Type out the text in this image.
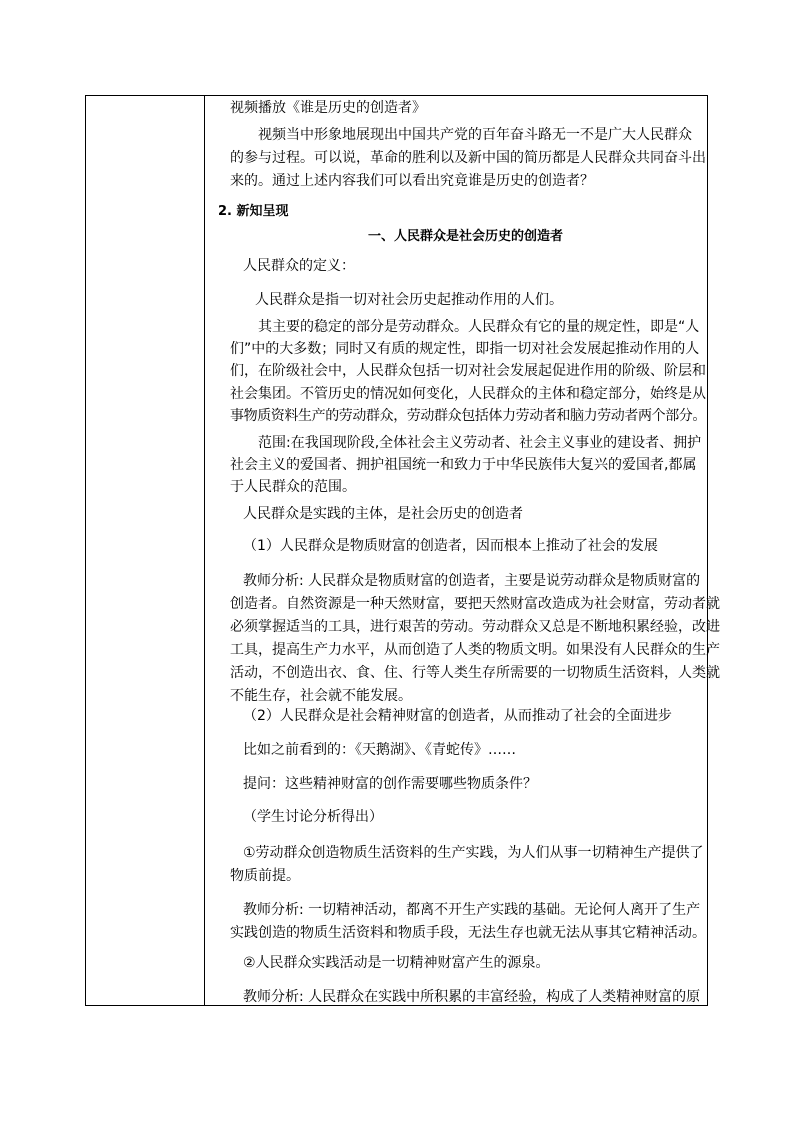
视频播放《谁是历史的创造者》
视频当中形象地展现出中国共产党的百年奋斗路无一不是广大人民群众
的参与过程。可以说，革命的胜利以及新中国的简历都是人民群众共同奋斗出
来的。通过上述内容我们可以看出究竟谁是历史的创造者？
2. 新知呈现
一、人民群众是社会历史的创造者
人民群众的定义：
人民群众是指一切对社会历史起推动作用的人们。
其主要的稳定的部分是劳动群众。人民群众有它的量的规定性，即是“人
们”中的大多数；同时又有质的规定性，即指一切对社会发展起推动作用的人
们，在阶级社会中，人民群众包括一切对社会发展起促进作用的阶级、阶层和
社会集团。不管历史的情况如何变化，人民群众的主体和稳定部分，始终是从
事物质资料生产的劳动群众，劳动群众包括体力劳动者和脑力劳动者两个部分。
范围:在我国现阶段,全体社会主义劳动者、社会主义事业的建设者、拥护
社会主义的爱国者、拥护祖国统一和致力于中华民族伟大复兴的爱国者,都属
于人民群众的范围。
人民群众是实践的主体，是社会历史的创造者
（1）人民群众是物质财富的创造者，因而根本上推动了社会的发展
教师分析: 人民群众是物质财富的创造者，主要是说劳动群众是物质财富的
创造者。自然资源是一种天然财富，要把天然财富改造成为社会财富，劳动者就
必须掌握适当的工具，进行艰苦的劳动。劳动群众又总是不断地积累经验，改进
工具，提高生产力水平，从而创造了人类的物质文明。如果没有人民群众的生产
活动，不创造出衣、食、住、行等人类生存所需要的一切物质生活资料，人类就
不能生存，社会就不能发展。
（2）人民群众是社会精神财富的创造者，从而推动了社会的全面进步
比如之前看到的：《天鹅湖》、《青蛇传》……
提问：这些精神财富的创作需要哪些物质条件？
（学生讨论分析得出）
①劳动群众创造物质生活资料的生产实践，为人们从事一切精神生产提供了
物质前提。
教师分析: 一切精神活动，都离不开生产实践的基础。无论何人离开了生产
实践创造的物质生活资料和物质手段，无法生存也就无法从事其它精神活动。
②人民群众实践活动是一切精神财富产生的源泉。
教师分析: 人民群众在实践中所积累的丰富经验，构成了人类精神财富的原
